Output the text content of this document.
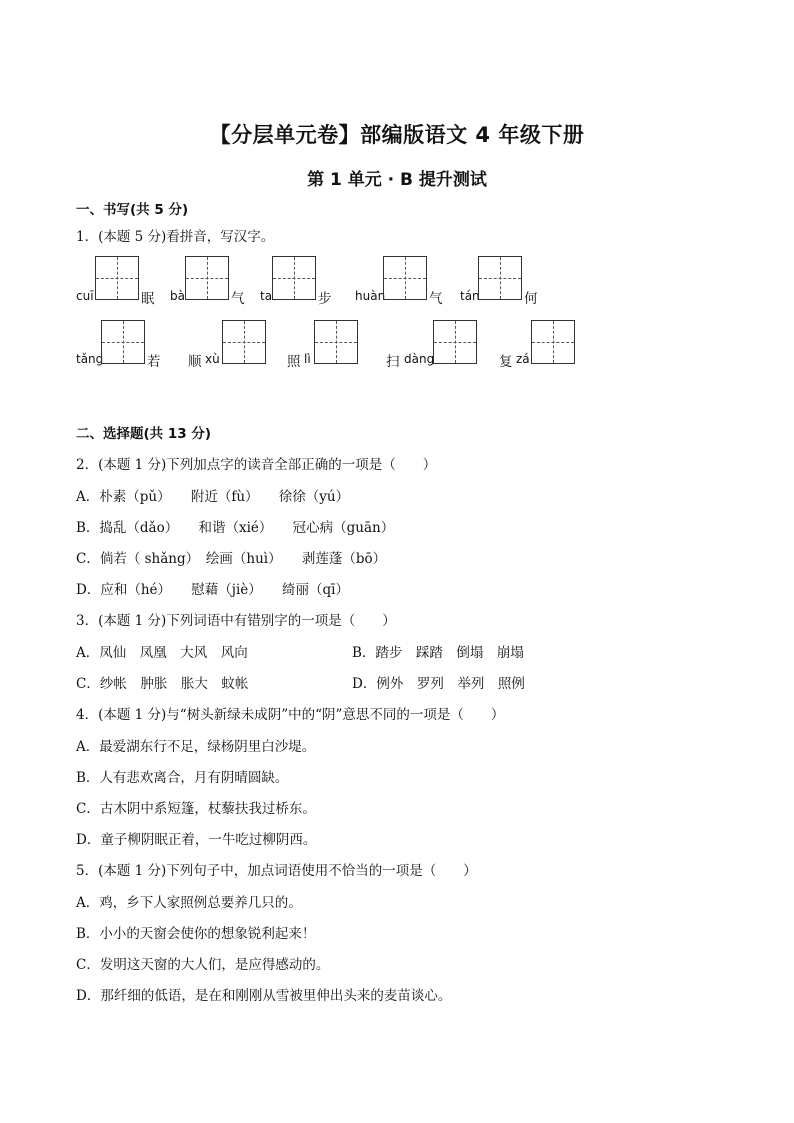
【分层单元卷】部编版语文 4 年级下册
第 1 单元 · B 提升测试
一、书写(共 5 分)
1．(本题 5 分)看拼音，写汉字。
cuī	眠 bà	气 ta	步 huàn	气 tán	何
tǎng	若 顺 xù	照 lì	扫 dàng	复 zá
二、选择题(共 13 分)
2．(本题 1 分)下列加点字的读音全部正确的一项是（　　）
A．朴素（pǔ）　　附近（fù）　　徐徐（yú）
B．捣乱（dǎo）　　和谐（xié）　　冠心病（guān）
C．倘若（ shǎng）　绘画（huì）　　剥莲蓬（bō）
D．应和（hé）　　慰藉（jiè）　　绮丽（qī）
3．(本题 1 分)下列词语中有错别字的一项是（　　）
A．凤仙　凤凰　大风　风向	B．踏步　踩踏　倒塌　崩塌
C．纱帐　肿胀　胀大　蚊帐	D．例外　罗列　举列　照例
4．(本题 1 分)与“树头新绿未成阴”中的“阴”意思不同的一项是（　　）
A．最爱湖东行不足，绿杨阴里白沙堤。
B．人有悲欢离合，月有阴晴圆缺。
C．古木阴中系短篷，杖藜扶我过桥东。
D．童子柳阴眠正着，一牛吃过柳阴西。
5．(本题 1 分)下列句子中，加点词语使用不恰当的一项是（　　）
A．鸡，乡下人家照例总要养几只的。
B．小小的天窗会使你的想象锐利起来！
C．发明这天窗的大人们，是应得感动的。
D．那纤细的低语，是在和刚刚从雪被里伸出头来的麦苗谈心。
